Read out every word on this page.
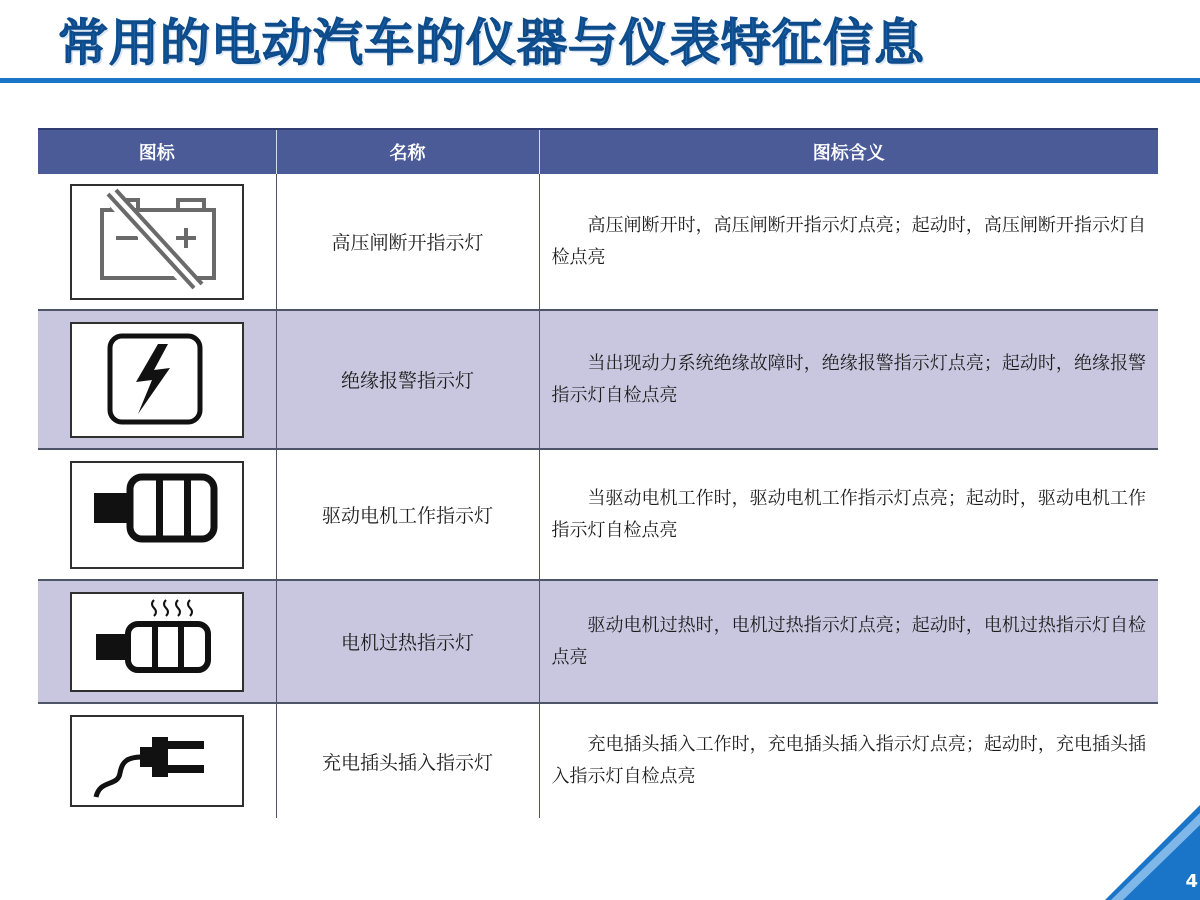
常用的电动汽车的仪器与仪表特征信息
图标	名称	图标含义

	高压闸断开指示灯	高压闸断开时，高压闸断开指示灯点亮；起动时，高压闸断开指示灯自检点亮

	绝缘报警指示灯	当出现动力系统绝缘故障时，绝缘报警指示灯点亮；起动时，绝缘报警指示灯自检点亮

	驱动电机工作指示灯	当驱动电机工作时，驱动电机工作指示灯点亮；起动时，驱动电机工作指示灯自检点亮

	电机过热指示灯	驱动电机过热时，电机过热指示灯点亮；起动时，电机过热指示灯自检点亮

	充电插头插入指示灯	充电插头插入工作时，充电插头插入指示灯点亮；起动时，充电插头插入指示灯自检点亮
4
